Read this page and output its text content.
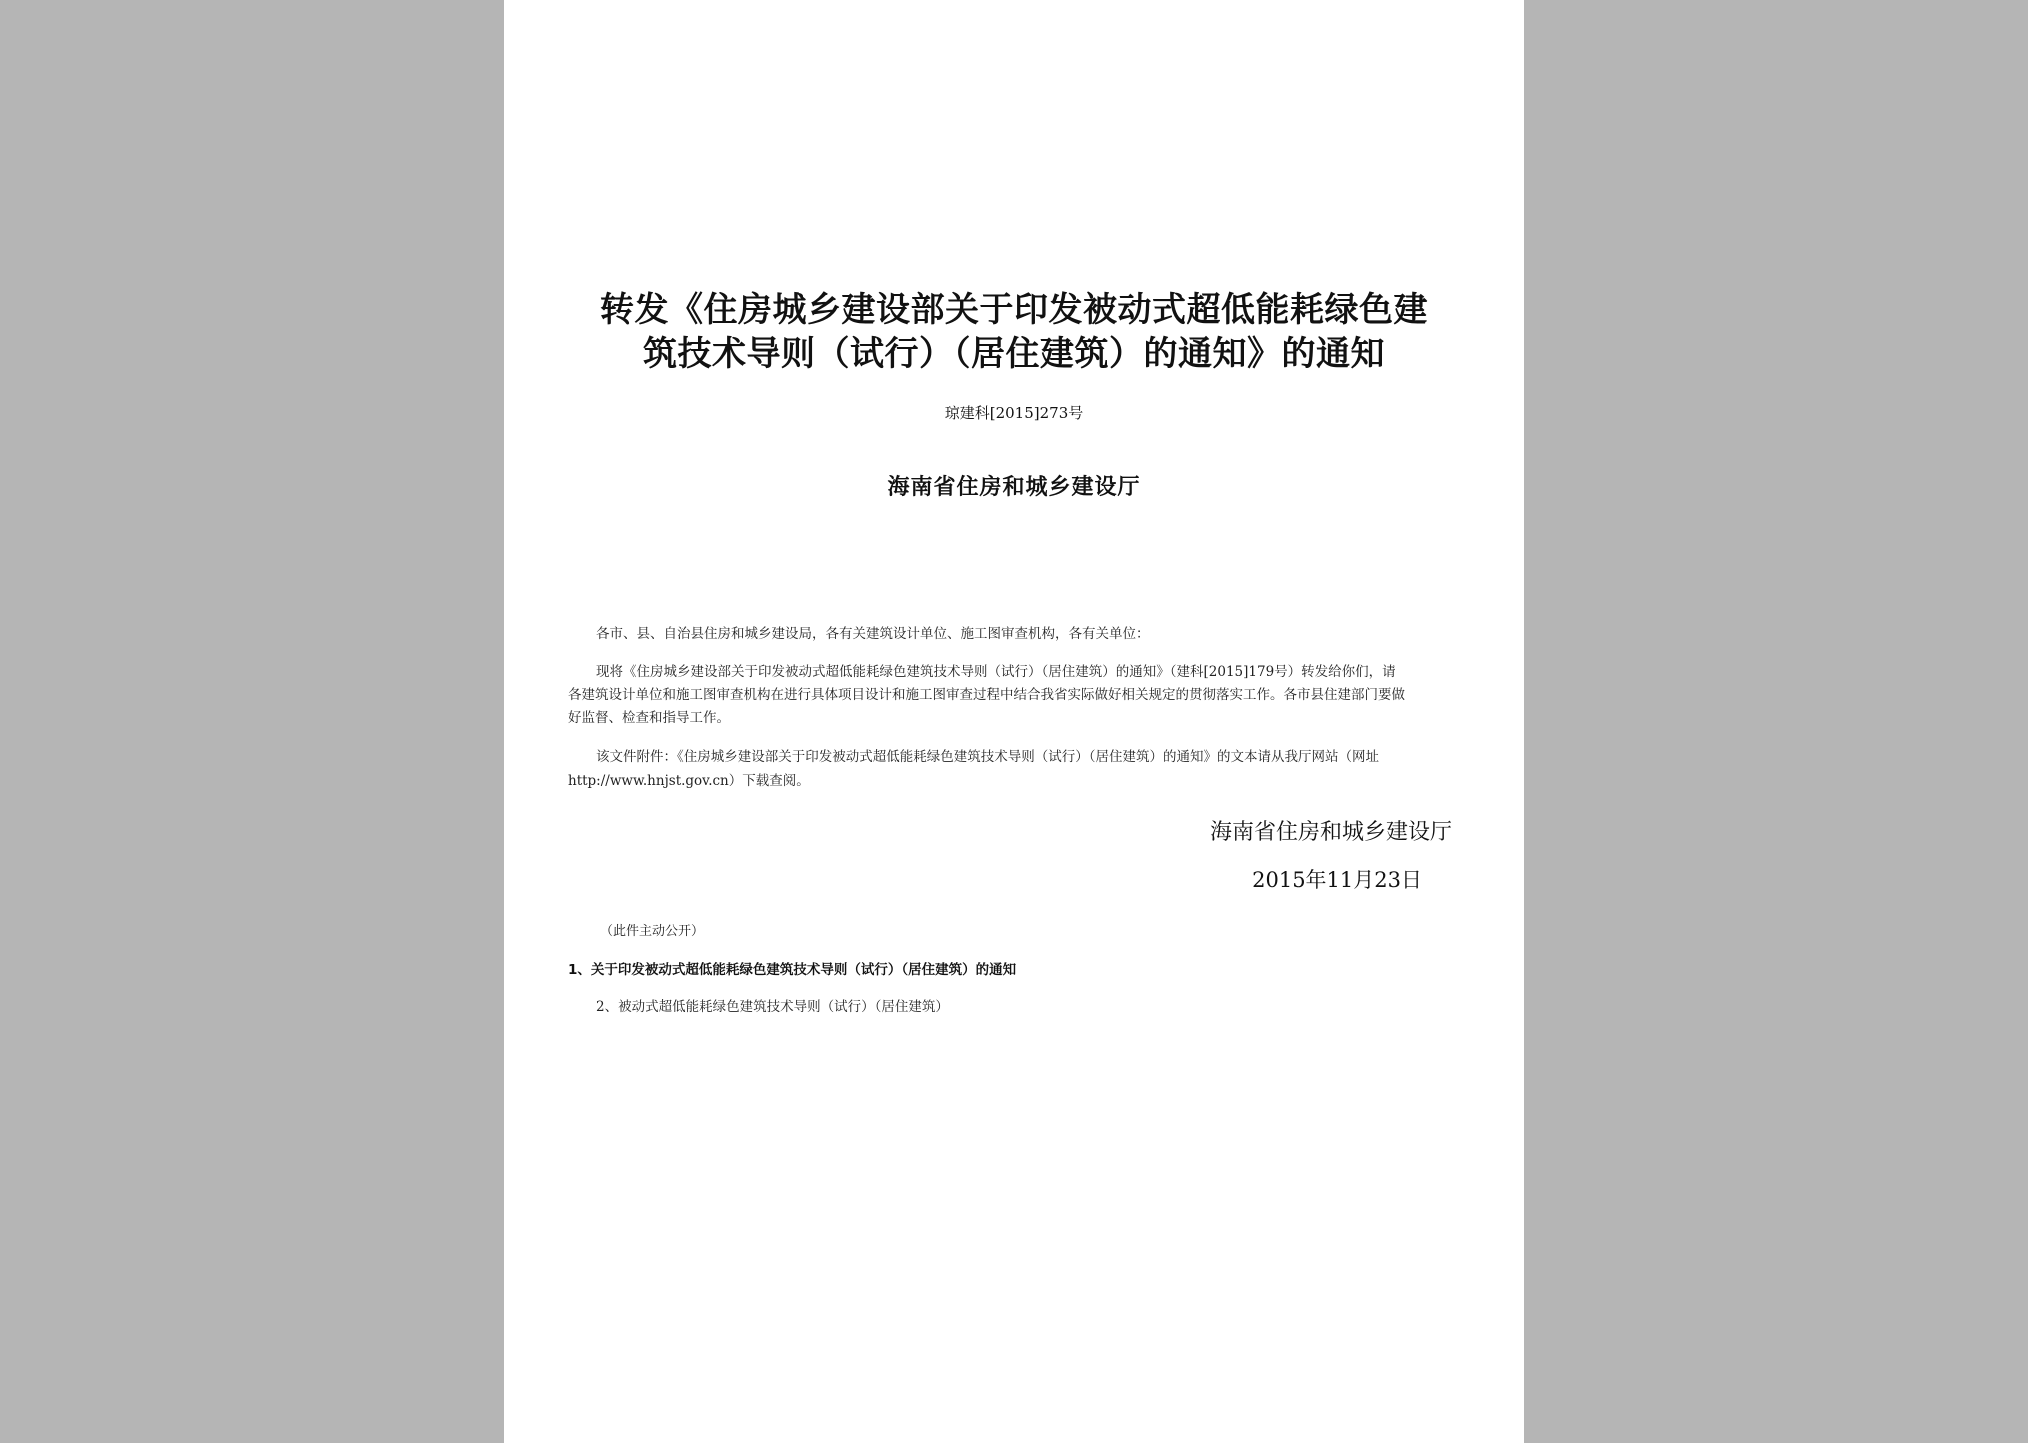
转发《住房城乡建设部关于印发被动式超低能耗绿色建
筑技术导则（试行）（居住建筑）的通知》的通知
琼建科[2015]273号
海南省住房和城乡建设厅
各市、县、自治县住房和城乡建设局，各有关建筑设计单位、施工图审查机构，各有关单位：
现将《住房城乡建设部关于印发被动式超低能耗绿色建筑技术导则（试行）（居住建筑）的通知》（建科[2015]179号）转发给你们，请
各建筑设计单位和施工图审查机构在进行具体项目设计和施工图审查过程中结合我省实际做好相关规定的贯彻落实工作。各市县住建部门要做
好监督、检查和指导工作。
该文件附件：《住房城乡建设部关于印发被动式超低能耗绿色建筑技术导则（试行）（居住建筑）的通知》的文本请从我厅网站（网址
http://www.hnjst.gov.cn）下载查阅。
海南省住房和城乡建设厅
2015年11月23日
（此件主动公开）
1、关于印发被动式超低能耗绿色建筑技术导则（试行）（居住建筑）的通知
2、被动式超低能耗绿色建筑技术导则（试行）（居住建筑）
